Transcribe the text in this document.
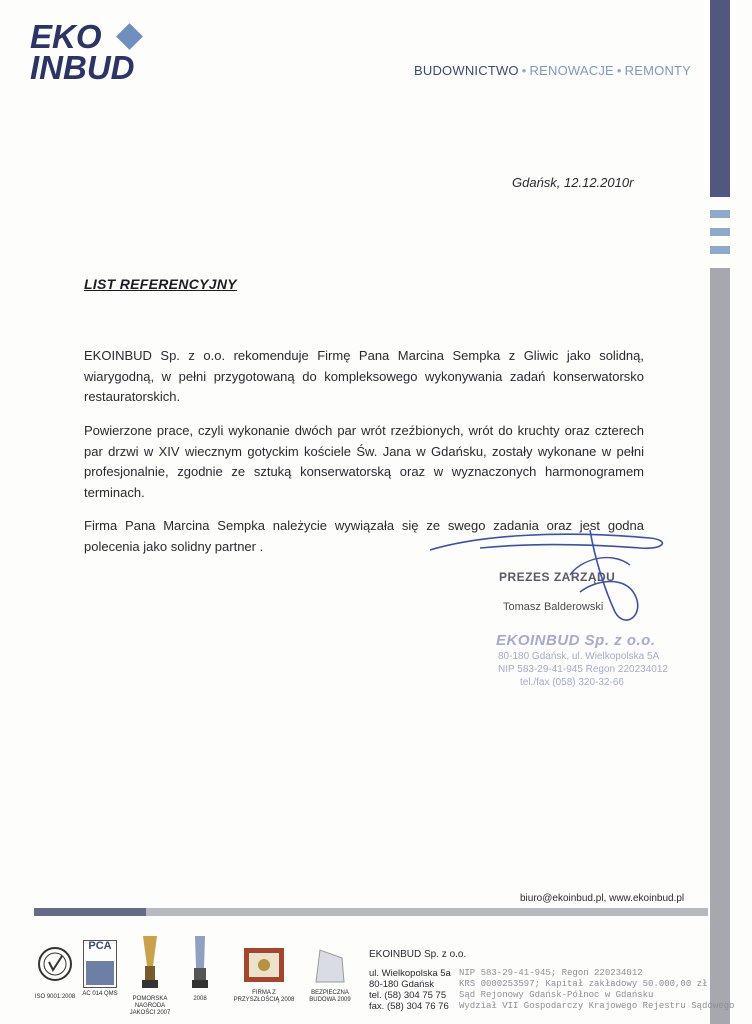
EKO
INBUD	BUDOWNICTWO • RENOWACJE • REMONTY
Gdańsk, 12.12.2010r
LIST REFERENCYJNY
EKOINBUD Sp. z o.o. rekomenduje Firmę Pana Marcina Sempka z Gliwic jako solidną, wiarygodną, w pełni przygotowaną do kompleksowego wykonywania zadań konserwatorsko restauratorskich.
Powierzone prace, czyli wykonanie dwóch par wrót rzeźbionych, wrót do kruchty oraz czterech par drzwi w XIV wiecznym gotyckim kościele Św. Jana w Gdańsku, zostały wykonane w pełni profesjonalnie, zgodnie ze sztuką konserwatorską oraz w wyznaczonych harmonogramem terminach.
Firma Pana Marcina Sempka należycie wywiązała się ze swego zadania oraz jest godna polecenia jako solidny partner .
PREZES ZARZĄDU
Tomasz Balderowski
EKOINBUD Sp. z o.o.
80-180 Gdańsk, ul. Wielkopolska 5A
NIP 583-29-41-945 Regon 220234012
tel./fax (058) 320-32-66
biuro@ekoinbud.pl, www.ekoinbud.pl
ISO 9001:2008
PCA
AC 014 QMS
POMORSKA NAGRODA JAKOŚCI 2007
2008
FIRMA Z PRZYSZŁOŚCIĄ 2008
BEZPIECZNA BUDOWA 2009
EKOINBUD Sp. z o.o.
ul. Wielkopolska 5a
80-180 Gdańsk
tel. (58) 304 75 75
fax. (58) 304 76 76
NIP 583-29-41-945; Regon 220234012
KRS 0000253597; Kapitał zakładowy 50.000,00 zł
Sąd Rejonowy Gdańsk-Północ w Gdańsku
Wydział VII Gospodarczy Krajowego Rejestru Sądowego
